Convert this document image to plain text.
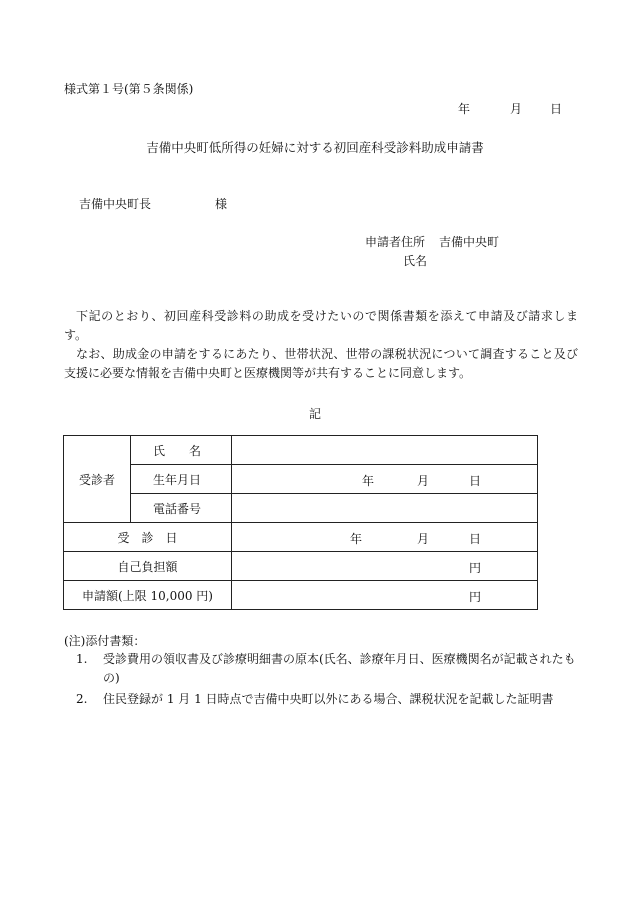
様式第１号(第５条関係)
年	月 日
吉備中央町低所得の妊婦に対する初回産科受診料助成申請書
吉備中央町長	様
申請者住所 吉備中央町
氏名

下記のとおり、初回産科受診料の助成を受けたいので関係書類を添えて申請及び請求します。

なお、助成金の申請をするにあたり、世帯状況、世帯の課税状況について調査すること及び支援に必要な情報を吉備中央町と医療機関等が共有することに同意します。

記
受診者	氏　　名	
	生年月日	年 月 日

	電話番号	
受　診　日		年 月 日

自己負担額		円

申請額(上限 10,000 円)		円
(注)添付書類：
1. 受診費用の領収書及び診療明細書の原本(氏名、診療年月日、医療機関名が記載されたもの)
2. 住民登録が 1 月 1 日時点で吉備中央町以外にある場合、課税状況を記載した証明書
